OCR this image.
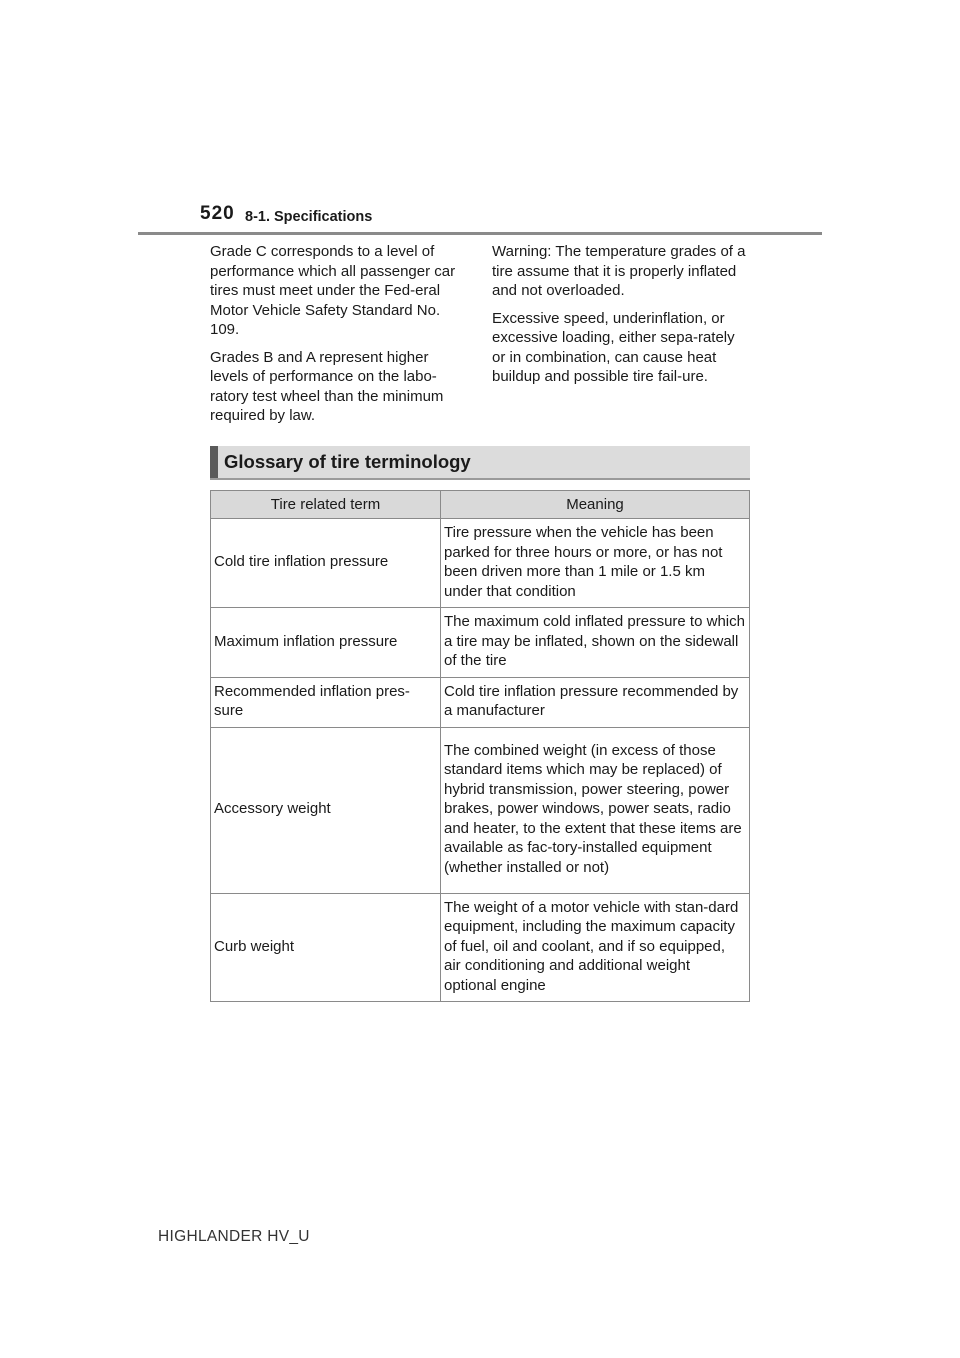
520 8-1. Specifications

Grade C corresponds to a level of performance which all passenger car tires must meet under the Fed-eral Motor Vehicle Safety Standard No. 109.

Grades B and A represent higher levels of performance on the labo-ratory test wheel than the minimum required by law.

Warning: The temperature grades of a tire assume that it is properly inflated and not overloaded.

Excessive speed, underinflation, or excessive loading, either sepa-rately or in combination, can cause heat buildup and possible tire fail-ure.

Glossary of tire terminology
Tire related term	Meaning
Cold tire inflation pressure	Tire pressure when the vehicle has been parked for three hours or more, or has not been driven more than 1 mile or 1.5 km under that condition
Maximum inflation pressure	The maximum cold inflated pressure to which a tire may be inflated, shown on the sidewall of the tire
Recommended inflation pres-sure	Cold tire inflation pressure recommended by a manufacturer
Accessory weight	The combined weight (in excess of those standard items which may be replaced) of hybrid transmission, power steering, power brakes, power windows, power seats, radio and heater, to the extent that these items are available as fac-tory-installed equipment (whether installed or not)
Curb weight	The weight of a motor vehicle with stan-dard equipment, including the maximum capacity of fuel, oil and coolant, and if so equipped, air conditioning and additional weight optional engine
HIGHLANDER HV_U
